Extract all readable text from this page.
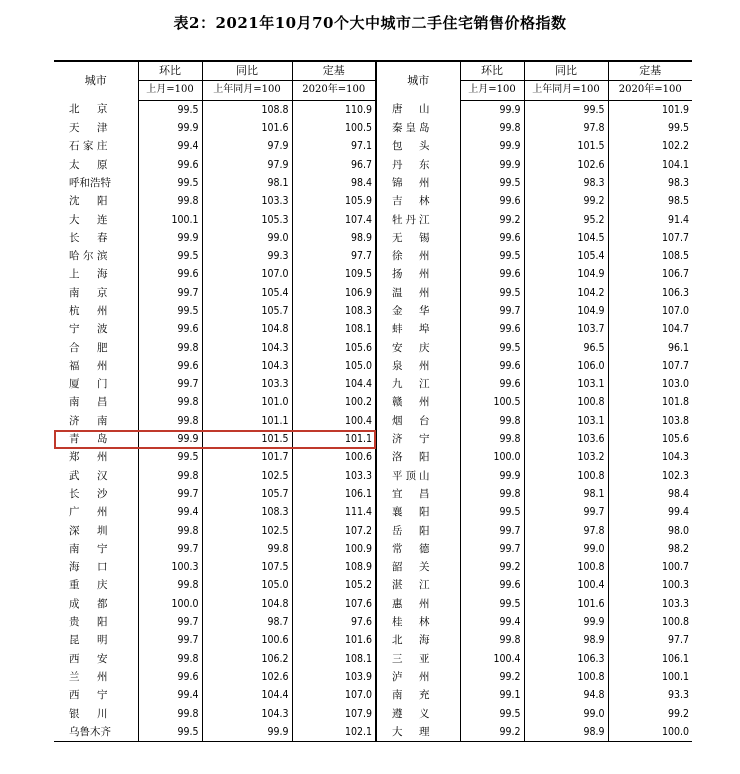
表2：2021年10月70个大中城市二手住宅销售价格指数
城市	环比	同比	定基	城市	环比	同比	定基
	上月=100	上年同月=100	2020年=100		上月=100	上年同月=100	2020年=100
北　京	99.5	108.8	110.9	唐　山	99.9	99.5	101.9
天　津	99.9	101.6	100.5	秦皇岛	99.8	97.8	99.5
石家庄	99.4	97.9	97.1	包　头	99.9	101.5	102.2
太　原	99.6	97.9	96.7	丹　东	99.9	102.6	104.1
呼和浩特	99.5	98.1	98.4	锦　州	99.5	98.3	98.3
沈　阳	99.8	103.3	105.9	吉　林	99.6	99.2	98.5
大　连	100.1	105.3	107.4	牡丹江	99.2	95.2	91.4
长　春	99.9	99.0	98.9	无　锡	99.6	104.5	107.7
哈尔滨	99.5	99.3	97.7	徐　州	99.5	105.4	108.5
上　海	99.6	107.0	109.5	扬　州	99.6	104.9	106.7
南　京	99.7	105.4	106.9	温　州	99.5	104.2	106.3
杭　州	99.5	105.7	108.3	金　华	99.7	104.9	107.0
宁　波	99.6	104.8	108.1	蚌　埠	99.6	103.7	104.7
合　肥	99.8	104.3	105.6	安　庆	99.5	96.5	96.1
福　州	99.6	104.3	105.0	泉　州	99.6	106.0	107.7
厦　门	99.7	103.3	104.4	九　江	99.6	103.1	103.0
南　昌	99.8	101.0	100.2	赣　州	100.5	100.8	101.8
济　南	99.8	101.1	100.4	烟　台	99.8	103.1	103.8
青　岛	99.9	101.5	101.1	济　宁	99.8	103.6	105.6
郑　州	99.5	101.7	100.6	洛　阳	100.0	103.2	104.3
武　汉	99.8	102.5	103.3	平顶山	99.9	100.8	102.3
长　沙	99.7	105.7	106.1	宜　昌	99.8	98.1	98.4
广　州	99.4	108.3	111.4	襄　阳	99.5	99.7	99.4
深　圳	99.8	102.5	107.2	岳　阳	99.7	97.8	98.0
南　宁	99.7	99.8	100.9	常　德	99.7	99.0	98.2
海　口	100.3	107.5	108.9	韶　关	99.2	100.8	100.7
重　庆	99.8	105.0	105.2	湛　江	99.6	100.4	100.3
成　都	100.0	104.8	107.6	惠　州	99.5	101.6	103.3
贵　阳	99.7	98.7	97.6	桂　林	99.4	99.9	100.8
昆　明	99.7	100.6	101.6	北　海	99.8	98.9	97.7
西　安	99.8	106.2	108.1	三　亚	100.4	106.3	106.1
兰　州	99.6	102.6	103.9	泸　州	99.2	100.8	100.1
西　宁	99.4	104.4	107.0	南　充	99.1	94.8	93.3
银　川	99.8	104.3	107.9	遵　义	99.5	99.0	99.2
乌鲁木齐	99.5	99.9	102.1	大　理	99.2	98.9	100.0
